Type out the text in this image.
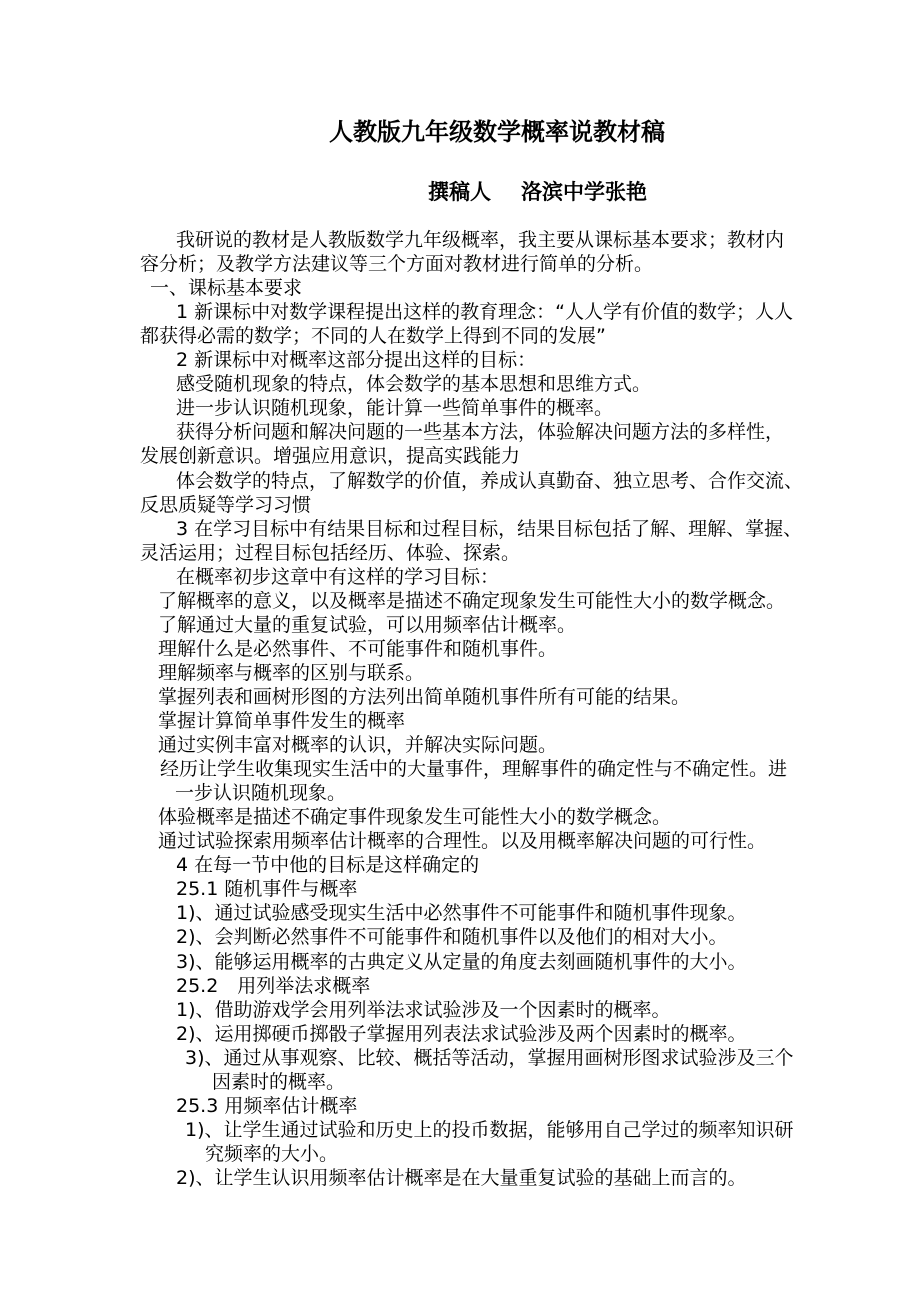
人教版九年级数学概率说教材稿
撰稿人 洛滨中学张艳
我研说的教材是人教版数学九年级概率，我主要从课标基本要求；教材内
容分析；及教学方法建议等三个方面对教材进行简单的分析。
一、课标基本要求
1 新课标中对数学课程提出这样的教育理念：“人人学有价值的数学；人人
都获得必需的数学；不同的人在数学上得到不同的发展”
2 新课标中对概率这部分提出这样的目标：
感受随机现象的特点，体会数学的基本思想和思维方式。
进一步认识随机现象，能计算一些简单事件的概率。
获得分析问题和解决问题的一些基本方法，体验解决问题方法的多样性，
发展创新意识。增强应用意识，提高实践能力
体会数学的特点，了解数学的价值，养成认真勤奋、独立思考、合作交流、
反思质疑等学习习惯
3 在学习目标中有结果目标和过程目标，结果目标包括了解、理解、掌握、
灵活运用；过程目标包括经历、体验、探索。
在概率初步这章中有这样的学习目标：
了解概率的意义，以及概率是描述不确定现象发生可能性大小的数学概念。
了解通过大量的重复试验，可以用频率估计概率。
理解什么是必然事件、不可能事件和随机事件。
理解频率与概率的区别与联系。
掌握列表和画树形图的方法列出简单随机事件所有可能的结果。
掌握计算简单事件发生的概率
通过实例丰富对概率的认识，并解决实际问题。
经历让学生收集现实生活中的大量事件，理解事件的确定性与不确定性。进
一步认识随机现象。
体验概率是描述不确定事件现象发生可能性大小的数学概念。
通过试验探索用频率估计概率的合理性。以及用概率解决问题的可行性。
4 在每一节中他的目标是这样确定的
25.1 随机事件与概率
1)、通过试验感受现实生活中必然事件不可能事件和随机事件现象。
2)、会判断必然事件不可能事件和随机事件以及他们的相对大小。
3)、能够运用概率的古典定义从定量的角度去刻画随机事件的大小。
25.2　用列举法求概率
1)、借助游戏学会用列举法求试验涉及一个因素时的概率。
2)、运用掷硬币掷骰子掌握用列表法求试验涉及两个因素时的概率。
3)、通过从事观察、比较、概括等活动，掌握用画树形图求试验涉及三个
因素时的概率。
25.3 用频率估计概率
1)、让学生通过试验和历史上的投币数据，能够用自己学过的频率知识研
究频率的大小。
2)、让学生认识用频率估计概率是在大量重复试验的基础上而言的。
